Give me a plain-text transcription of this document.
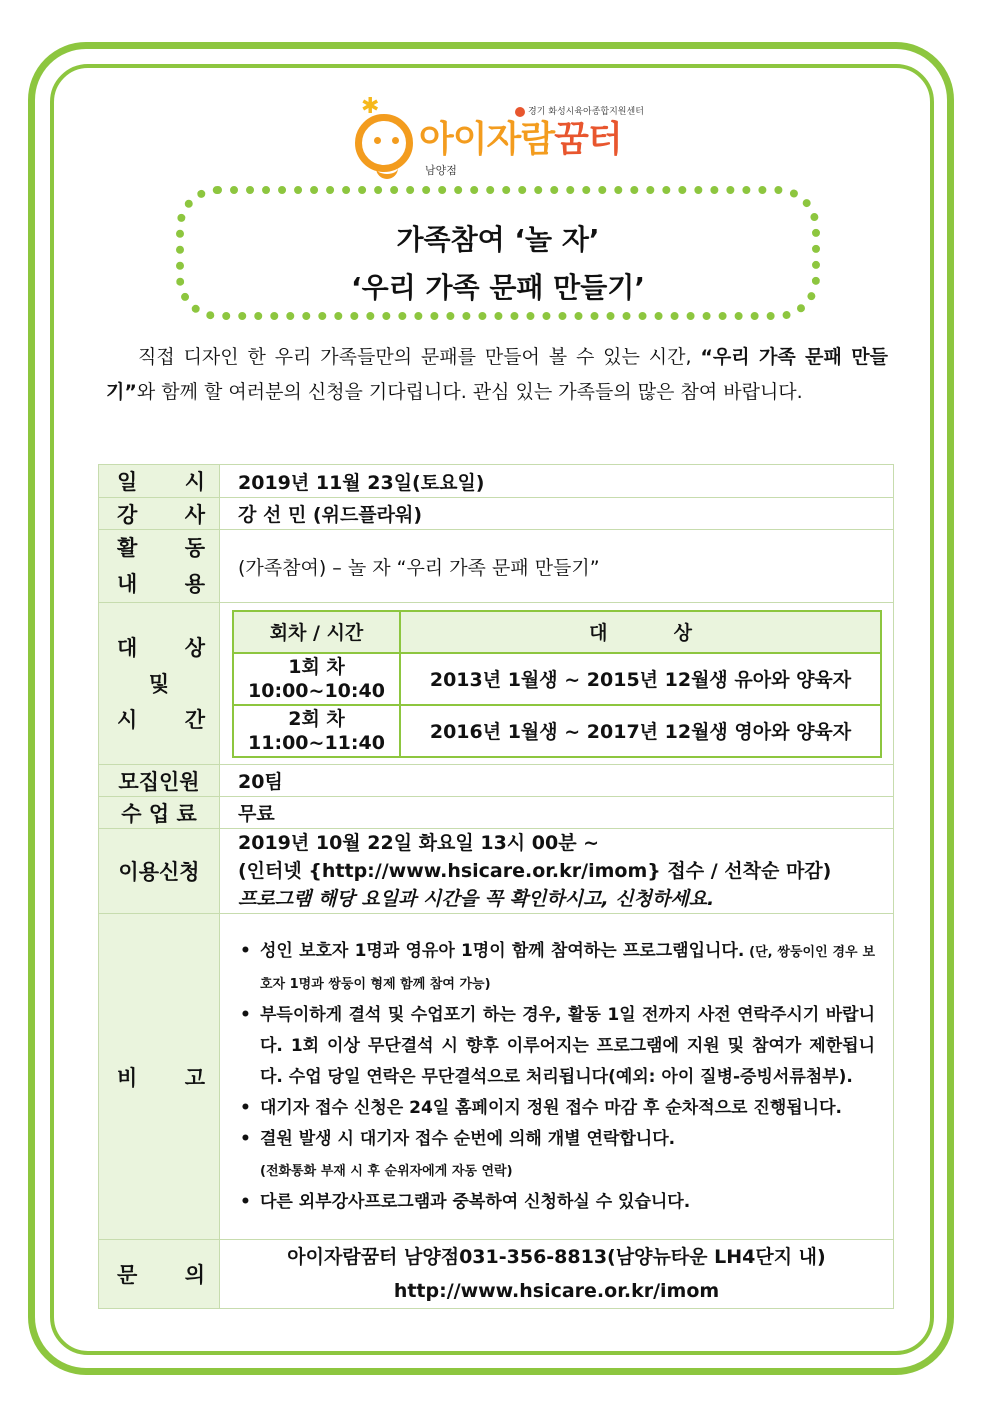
✱
아이자람꿈터
남양점
경기 화성시육아종합지원센터
가족참여 ‘놀 자’
‘우리 가족 문패 만들기’
직접 디자인 한 우리 가족들만의 문패를 만들어 볼 수 있는 시간, “우리 가족 문패 만들기”와 함께 할 여러분의 신청을 기다립니다. 관심 있는 가족들의 많은 참여 바랍니다.
일 시	2019년 11월 23일(토요일)

강 사	강 선 민 (위드플라워)

활 동
내 용
	(가족참여) – 놀 자 “우리 가족 문패 만들기”

대 상
및
시 간

회차 / 시간	대          상

1회 차
10:00~10:40	2013년 1월생 ~ 2015년 12월생 유아와 양육자

2회 차
11:00~11:40	2016년 1월생 ~ 2017년 12월생 영아와 양육자

모집인원	20팀
수 업 료	무료
이용신청	
2019년 10월 22일 화요일 13시 00분 ~
(인터넷 {http://www.hsicare.or.kr/imom} 접수 / 선착순 마감)
프로그램 해당 요일과 시간을 꼭 확인하시고, 신청하세요.

비 고

• 성인 보호자 1명과 영유아 1명이 함께 참여하는 프로그램입니다. (단, 쌍둥이인 경우 보호자 1명과 쌍둥이 형제 함께 참여 가능)
• 부득이하게 결석 및 수업포기 하는 경우, 활동 1일 전까지 사전 연락주시기 바랍니다. 1회 이상 무단결석 시 향후 이루어지는 프로그램에 지원 및 참여가 제한됩니다. 수업 당일 연락은 무단결석으로 처리됩니다(예외: 아이 질병-증빙서류첨부).
• 대기자 접수 신청은 24일 홈페이지 정원 접수 마감 후 순차적으로 진행됩니다.
• 결원 발생 시 대기자 접수 순번에 의해 개별 연락합니다.
(전화통화 부재 시 후 순위자에게 자동 연락)
• 다른 외부강사프로그램과 중복하여 신청하실 수 있습니다.

문 의

아이자람꿈터 남양점031-356-8813(남양뉴타운 LH4단지 내)
http://www.hsicare.or.kr/imom
